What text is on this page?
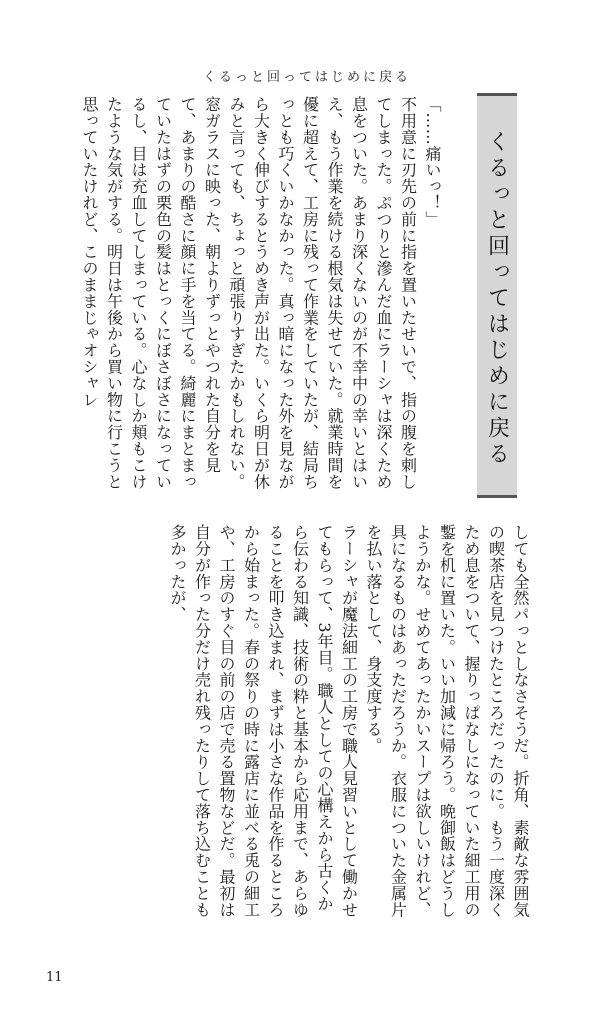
くるっと回ってはじめに戻る
くるっと回ってはじめに戻る

「……痛いっ！」

不用意に刃先の前に指を置いたせいで、指の腹を刺してしまった。ぷつりと滲んだ血にラーシャは深くため息をついた。あまり深くないのが不幸中の幸いとはいえ、もう作業を続ける根気は失せていた。就業時間を優に超えて、工房に残って作業をしていたが、結局ちっとも巧くいかなかった。真っ暗になった外を見ながら大きく伸びするとうめき声が出た。いくら明日が休みと言っても、ちょっと頑張りすぎたかもしれない。窓ガラスに映った、朝よりずっとやつれた自分を見て、あまりの酷さに顔に手を当てる。綺麗にまとまっていたはずの栗色の髪はとっくにぼさぼさになっているし、目は充血してしまっている。心なしか頬もこけたような気がする。明日は午後から買い物に行こうと思っていたけれど、このままじゃオシャレ

しても全然パっとしなさそうだ。折角、素敵な雰囲気の喫茶店を見つけたところだったのに。もう一度深くため息をついて、握りっぱなしになっていた細工用の鏨を机に置いた。いい加減に帰ろう。晩御飯はどうしようかな。せめてあったかいスープは欲しいけれど、具になるものはあっただろうか。衣服についた金属片を払い落として、身支度する。

ラーシャが魔法細工の工房で職人見習いとして働かせてもらって、3年目。職人としての心構えから古くから伝わる知識、技術の粋と基本から応用まで、あらゆることを叩き込まれ、まずは小さな作品を作るところから始まった。春の祭りの時に露店に並べる兎の細工や、工房のすぐ目の前の店で売る置物などだ。最初は自分が作った分だけ売れ残ったりして落ち込むことも多かったが、

11
